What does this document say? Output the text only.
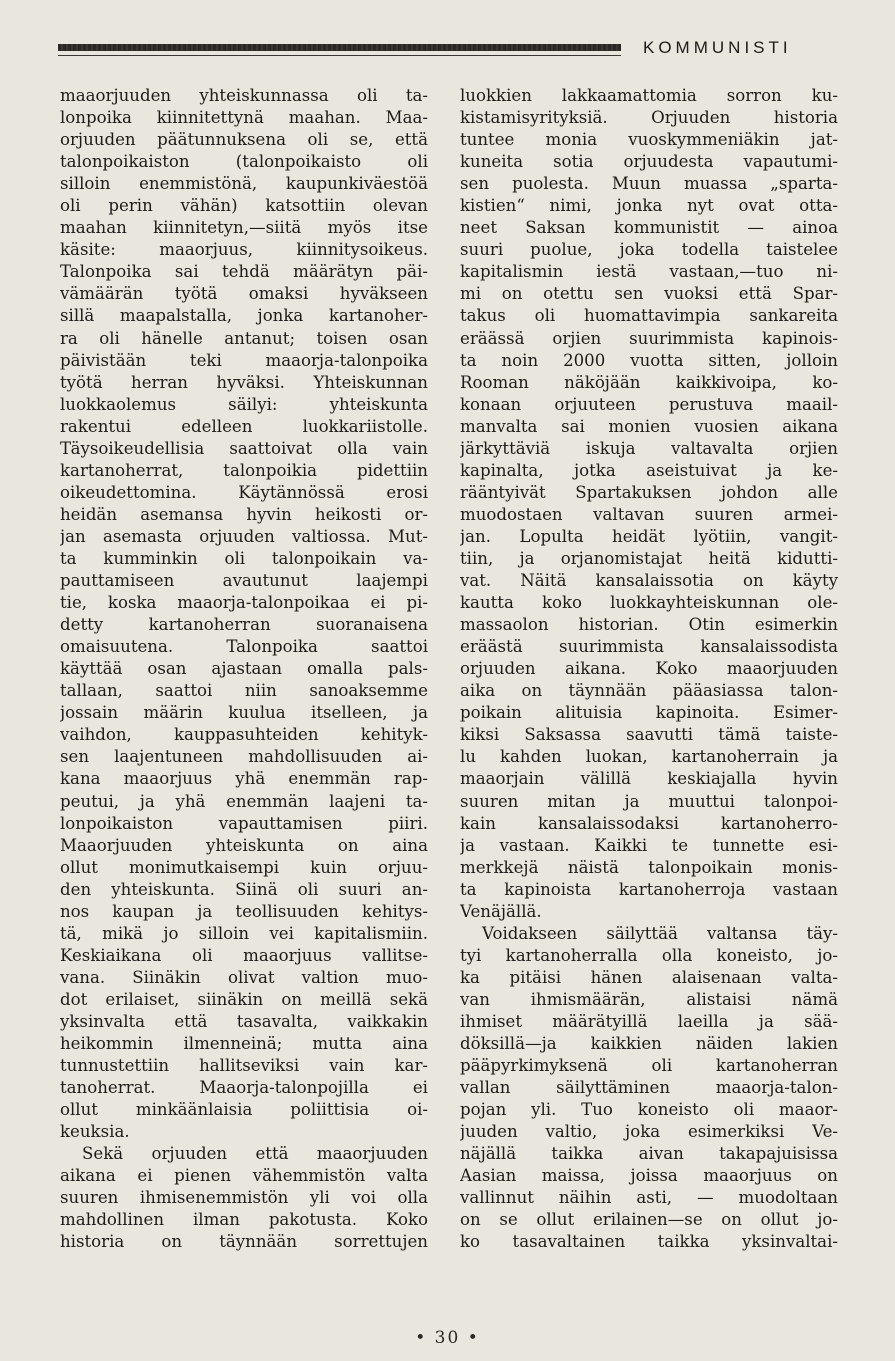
KOMMUNISTI
maaorjuuden yhteiskunnassa oli ta-
lonpoika kiinnitettynä maahan. Maa-
orjuuden päätunnuksena oli se, että
talonpoikaiston (talonpoikaisto oli
silloin enemmistönä, kaupunkiväestöä
oli perin vähän) katsottiin olevan
maahan kiinnitetyn,—siitä myös itse
käsite: maaorjuus, kiinnitysoikeus.
Talonpoika sai tehdä määrätyn päi-
vämäärän työtä omaksi hyväkseen
sillä maapalstalla, jonka kartanoher-
ra oli hänelle antanut; toisen osan
päivistään teki maaorja-talonpoika
työtä herran hyväksi. Yhteiskunnan
luokkaolemus säilyi: yhteiskunta
rakentui edelleen luokkariistolle.
Täysoikeudellisia saattoivat olla vain
kartanoherrat, talonpoikia pidettiin
oikeudettomina. Käytännössä erosi
heidän asemansa hyvin heikosti or-
jan asemasta orjuuden valtiossa. Mut-
ta kumminkin oli talonpoikain va-
pauttamiseen avautunut laajempi
tie, koska maaorja-talonpoikaa ei pi-
detty kartanoherran suoranaisena
omaisuutena. Talonpoika saattoi
käyttää osan ajastaan omalla pals-
tallaan, saattoi niin sanoaksemme
jossain määrin kuulua itselleen, ja
vaihdon, kauppasuhteiden kehityk-
sen laajentuneen mahdollisuuden ai-
kana maaorjuus yhä enemmän rap-
peutui, ja yhä enemmän laajeni ta-
lonpoikaiston vapauttamisen piiri.
Maaorjuuden yhteiskunta on aina
ollut monimutkaisempi kuin orjuu-
den yhteiskunta. Siinä oli suuri an-
nos kaupan ja teollisuuden kehitys-
tä, mikä jo silloin vei kapitalismiin.
Keskiaikana oli maaorjuus vallitse-
vana. Siinäkin olivat valtion muo-
dot erilaiset, siinäkin on meillä sekä
yksinvalta että tasavalta, vaikkakin
heikommin ilmenneinä; mutta aina
tunnustettiin hallitseviksi vain kar-
tanoherrat. Maaorja-talonpojilla ei
ollut minkäänlaisia poliittisia oi-
keuksia.
Sekä orjuuden että maaorjuuden
aikana ei pienen vähemmistön valta
suuren ihmisenemmistön yli voi olla
mahdollinen ilman pakotusta. Koko
historia on täynnään sorrettujen
luokkien lakkaamattomia sorron ku-
kistamisyrityksiä. Orjuuden historia
tuntee monia vuoskymmeniäkin jat-
kuneita sotia orjuudesta vapautumi-
sen puolesta. Muun muassa „sparta-
kistien“ nimi, jonka nyt ovat otta-
neet Saksan kommunistit — ainoa
suuri puolue, joka todella taistelee
kapitalismin iestä vastaan,—tuo ni-
mi on otettu sen vuoksi että Spar-
takus oli huomattavimpia sankareita
eräässä orjien suurimmista kapinois-
ta noin 2000 vuotta sitten, jolloin
Rooman näköjään kaikkivoipa, ko-
konaan orjuuteen perustuva maail-
manvalta sai monien vuosien aikana
järkyttäviä iskuja valtavalta orjien
kapinalta, jotka aseistuivat ja ke-
rääntyivät Spartakuksen johdon alle
muodostaen valtavan suuren armei-
jan. Lopulta heidät lyötiin, vangit-
tiin, ja orjanomistajat heitä kidutti-
vat. Näitä kansalaissotia on käyty
kautta koko luokkayhteiskunnan ole-
massaolon historian. Otin esimerkin
eräästä suurimmista kansalaissodista
orjuuden aikana. Koko maaorjuuden
aika on täynnään pääasiassa talon-
poikain alituisia kapinoita. Esimer-
kiksi Saksassa saavutti tämä taiste-
lu kahden luokan, kartanoherrain ja
maaorjain välillä keskiajalla hyvin
suuren mitan ja muuttui talonpoi-
kain kansalaissodaksi kartanoherro-
ja vastaan. Kaikki te tunnette esi-
merkkejä näistä talonpoikain monis-
ta kapinoista kartanoherroja vastaan
Venäjällä.
Voidakseen säilyttää valtansa täy-
tyi kartanoherralla olla koneisto, jo-
ka pitäisi hänen alaisenaan valta-
van ihmismäärän, alistaisi nämä
ihmiset määrätyillä laeilla ja sää-
döksillä—ja kaikkien näiden lakien
pääpyrkimyksenä oli kartanoherran
vallan säilyttäminen maaorja-talon-
pojan yli. Tuo koneisto oli maaor-
juuden valtio, joka esimerkiksi Ve-
näjällä taikka aivan takapajuisissa
Aasian maissa, joissa maaorjuus on
vallinnut näihin asti, — muodoltaan
on se ollut erilainen—se on ollut jo-
ko tasavaltainen taikka yksinvaltai-
• 30 •
